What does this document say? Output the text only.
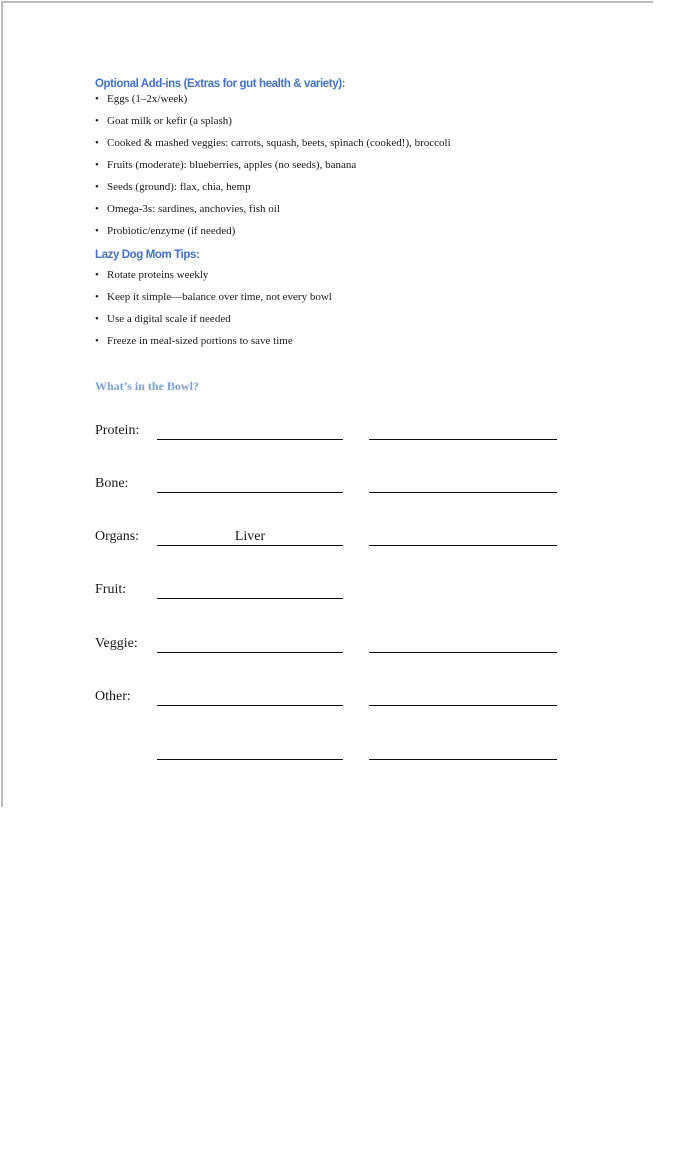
Optional Add-ins (Extras for gut health & variety):
• Eggs (1–2x/week)
• Goat milk or kefir (a splash)
• Cooked & mashed veggies: carrots, squash, beets, spinach (cooked!), broccoli
• Fruits (moderate): blueberries, apples (no seeds), banana
• Seeds (ground): flax, chia, hemp
• Omega-3s: sardines, anchovies, fish oil
• Probiotic/enzyme (if needed)
Lazy Dog Mom Tips:
• Rotate proteins weekly
• Keep it simple—balance over time, not every bowl
• Use a digital scale if needed
• Freeze in meal-sized portions to save time
What’s in the Bowl?
Protein:
Bone:
Organs:	Liver
Fruit:
Veggie:
Other:
